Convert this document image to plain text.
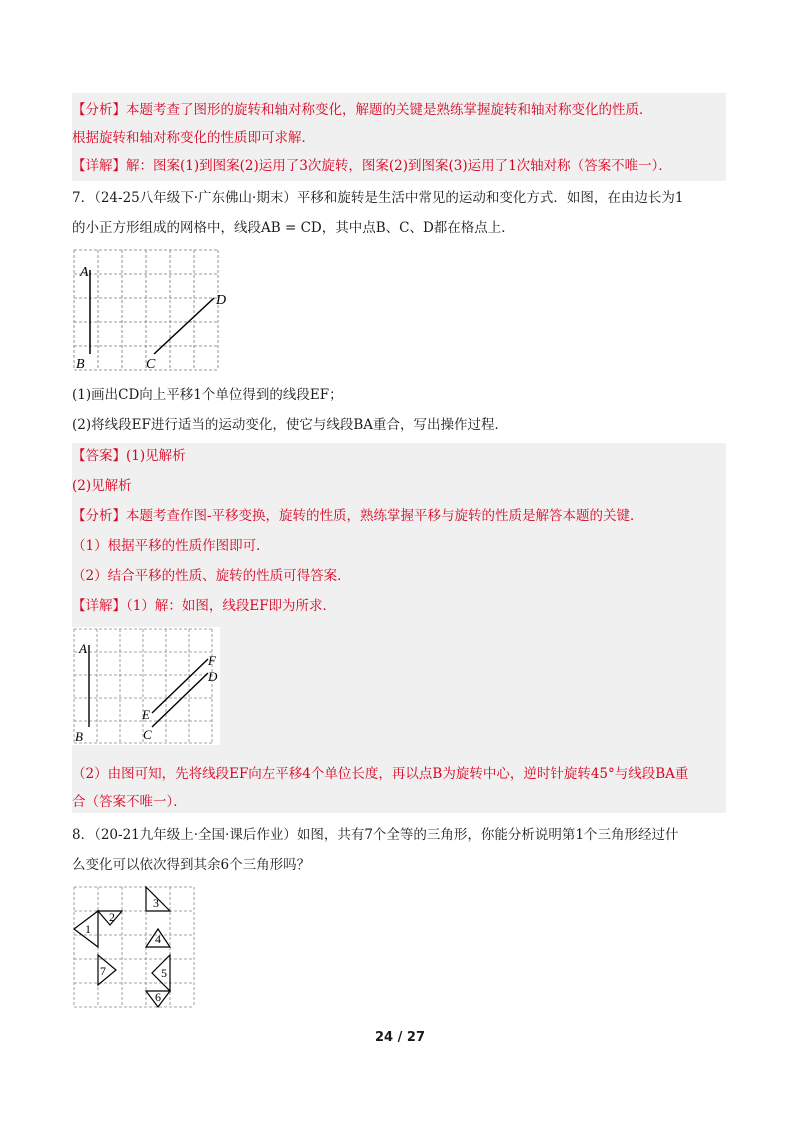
【分析】本题考查了图形的旋转和轴对称变化，解题的关键是熟练掌握旋转和轴对称变化的性质．
根据旋转和轴对称变化的性质即可求解．
【详解】解：图案(1)到图案(2)运用了3次旋转，图案(2)到图案(3)运用了1次轴对称（答案不唯一）．
7．（24-25八年级下·广东佛山·期末）平移和旋转是生活中常见的运动和变化方式．如图，在由边长为1
的小正方形组成的网格中，线段AB = CD，其中点B、C、D都在格点上．
A
B	C
D
(1)画出CD向上平移1个单位得到的线段EF；
(2)将线段EF进行适当的运动变化，使它与线段BA重合，写出操作过程．
【答案】(1)见解析
(2)见解析
【分析】本题考查作图-平移变换，旋转的性质，熟练掌握平移与旋转的性质是解答本题的关键．
（1）根据平移的性质作图即可．
（2）结合平移的性质、旋转的性质可得答案．
【详解】（1）解：如图，线段EF即为所求．
A
B	C
D
E
F
（2）由图可知，先将线段EF向左平移4个单位长度，再以点B为旋转中心，逆时针旋转45°与线段BA重
合（答案不唯一）．
8．（20-21九年级上·全国·课后作业）如图，共有7个全等的三角形，你能分析说明第1个三角形经过什
么变化可以依次得到其余6个三角形吗？
1
2
3
4
5
6
7
24 / 27
